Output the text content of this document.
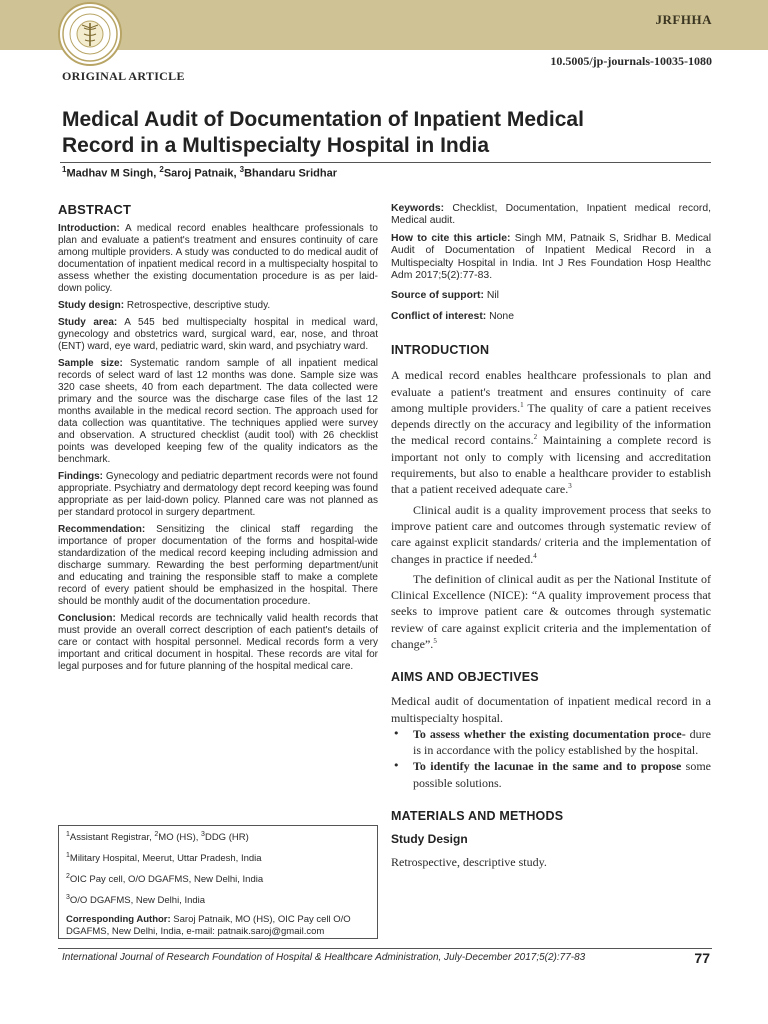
JRFHHA
10.5005/jp-journals-10035-1080
ORIGINAL ARTICLE
Medical Audit of Documentation of Inpatient Medical
Record in a Multispecialty Hospital in India
$^1$Madhav M Singh, $^2$Saroj Patnaik, $^3$Bhandaru Sridhar
ABSTRACT

Introduction: A medical record enables healthcare professionals to plan and evaluate a patient's treatment and ensures continuity of care among multiple providers. A study was conducted to do medical audit of documentation of inpatient medical record in a multispecialty hospital to assess whether the existing documentation procedure is as per laid-down policy.

Study design: Retrospective, descriptive study.

Study area: A 545 bed multispecialty hospital in medical ward, gynecology and obstetrics ward, surgical ward, ear, nose, and throat (ENT) ward, eye ward, pediatric ward, skin ward, and psychiatry ward.

Sample size: Systematic random sample of all inpatient medical records of select ward of last 12 months was done. Sample size was 320 case sheets, 40 from each department. The data collected were primary and the source was the discharge case files of the last 12 months available in the medical record section. The approach used for data collection was quantitative. The techniques applied were survey and observation. A structured checklist (audit tool) with 26 checklist points was developed keeping few of the quality indicators as the benchmark.

Findings: Gynecology and pediatric department records were not found appropriate. Psychiatry and dermatology dept record keeping was found appropriate as per laid-down policy. Planned care was not planned as per standard protocol in surgery department.

Recommendation: Sensitizing the clinical staff regarding the importance of proper documentation of the forms and hospital-wide standardization of the medical record keeping including admission and discharge summary. Rewarding the best performing department/unit and educating and training the responsible staff to make a complete record of every patient should be emphasized in the hospital. There should be monthly audit of the documentation procedure.

Conclusion: Medical records are technically valid health records that must provide an overall correct description of each patient's details of care or contact with hospital personnel. Medical records form a very important and critical document in hospital. These records are vital for legal purposes and for future planning of the hospital medical care.

$^1$Assistant Registrar, $^2$MO (HS), $^3$DDG (HR)

$^1$Military Hospital, Meerut, Uttar Pradesh, India

$^2$OIC Pay cell, O/O DGAFMS, New Delhi, India

$^3$O/O DGAFMS, New Delhi, India

Corresponding Author: Saroj Patnaik, MO (HS), OIC Pay cell O/O DGAFMS, New Delhi, India, e-mail: patnaik.saroj@gmail.com

Keywords: Checklist, Documentation, Inpatient medical record, Medical audit.

How to cite this article: Singh MM, Patnaik S, Sridhar B. Medical Audit of Documentation of Inpatient Medical Record in a Multispecialty Hospital in India. Int J Res Foundation Hosp Healthc Adm 2017;5(2):77-83.

Source of support: Nil

Conflict of interest: None

INTRODUCTION

A medical record enables healthcare professionals to plan and evaluate a patient's treatment and ensures continuity of care among multiple providers.$^1$ The quality of care a patient receives depends directly on the accuracy and legibility of the information the medical record contains.$^2$ Maintaining a complete record is important not only to comply with licensing and accreditation requirements, but also to enable a healthcare provider to establish that a patient received adequate care.$^3$

Clinical audit is a quality improvement process that seeks to improve patient care and outcomes through systematic review of care against explicit standards/ criteria and the implementation of changes in practice if needed.$^4$

The definition of clinical audit as per the National Institute of Clinical Excellence (NICE): “A quality improvement process that seeks to improve patient care & outcomes through systematic review of care against explicit criteria and the implementation of change”.$^5$

AIMS AND OBJECTIVES

Medical audit of documentation of inpatient medical record in a multispecialty hospital.

• To assess whether the existing documentation proce- dure is in accordance with the policy established by the hospital.
• To identify the lacunae in the same and to propose some possible solutions.
MATERIALS AND METHODS
Study Design

Retrospective, descriptive study.

International Journal of Research Foundation of Hospital & Healthcare Administration, July-December 2017;5(2):77-83	77
